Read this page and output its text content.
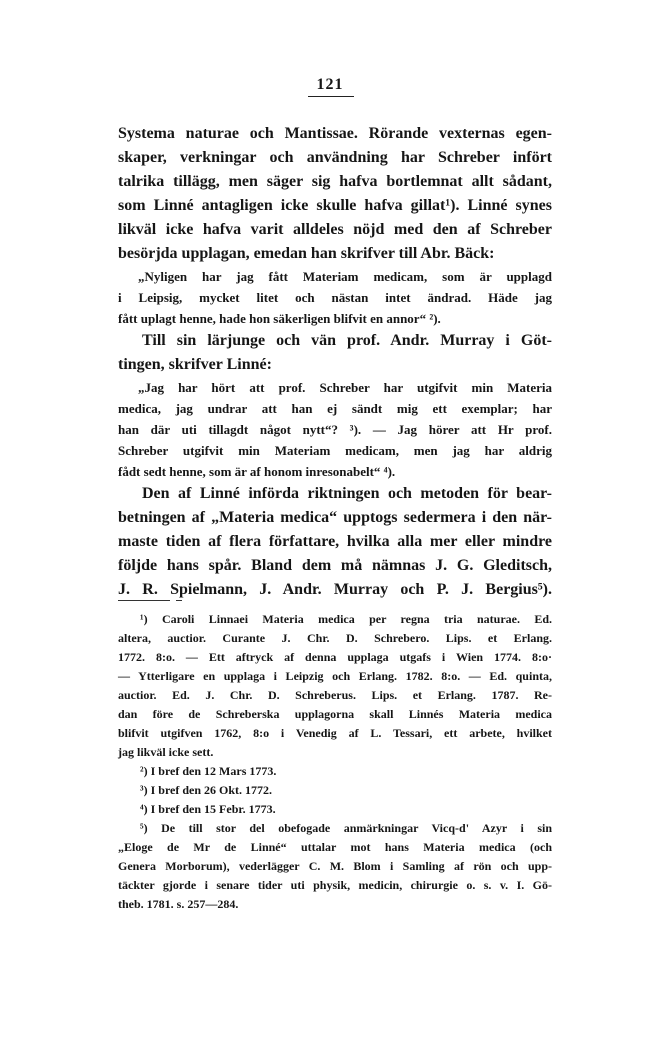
121

Systema naturae och Mantissae. Rörande vexternas egen-

skaper, verkningar och användning har Schreber infört

talrika tillägg, men säger sig hafva bortlemnat allt sådant,

som Linné antagligen icke skulle hafva gillat¹). Linné synes

likväl icke hafva varit alldeles nöjd med den af Schreber

besörjda upplagan, emedan han skrifver till Abr. Bäck:

„Nyligen har jag fått Materiam medicam, som är upplagd

i Leipsig, mycket litet och nästan intet ändrad. Häde jag

fått uplagt henne, hade hon säkerligen blifvit en annor“ ²).

Till sin lärjunge och vän prof. Andr. Murray i Göt-

tingen, skrifver Linné:

„Jag har hört att prof. Schreber har utgifvit min Materia

medica, jag undrar att han ej sändt mig ett exemplar; har

han där uti tillagdt något nytt“? ³). — Jag hörer att Hr prof.

Schreber utgifvit min Materiam medicam, men jag har aldrig

fådt sedt henne, som är af honom inresonabelt“ ⁴).

Den af Linné införda riktningen och metoden för bear-

betningen af „Materia medica“ upptogs sedermera i den när-

maste tiden af flera författare, hvilka alla mer eller mindre

följde hans spår. Bland dem må nämnas J. G. Gleditsch,

J. R. Spielmann, J. Andr. Murray och P. J. Bergius⁵).

¹) Caroli Linnaei Materia medica per regna tria naturae. Ed.

altera, auctior. Curante J. Chr. D. Schrebero. Lips. et Erlang.

1772. 8:o. — Ett aftryck af denna upplaga utgafs i Wien 1774. 8:o·

— Ytterligare en upplaga i Leipzig och Erlang. 1782. 8:o. — Ed. quinta,

auctior. Ed. J. Chr. D. Schreberus. Lips. et Erlang. 1787. Re-

dan före de Schreberska upplagorna skall Linnés Materia medica

blifvit utgifven 1762, 8:o i Venedig af L. Tessari, ett arbete, hvilket

jag likväl icke sett.

²) I bref den 12 Mars 1773.

³) I bref den 26 Okt. 1772.

⁴) I bref den 15 Febr. 1773.

⁵) De till stor del obefogade anmärkningar Vicq-d' Azyr i sin

„Eloge de Mr de Linné“ uttalar mot hans Materia medica (och

Genera Morborum), vederlägger C. M. Blom i Samling af rön och upp-

täckter gjorde i senare tider uti physik, medicin, chirurgie o. s. v. I. Gö-

theb. 1781. s. 257—284.
